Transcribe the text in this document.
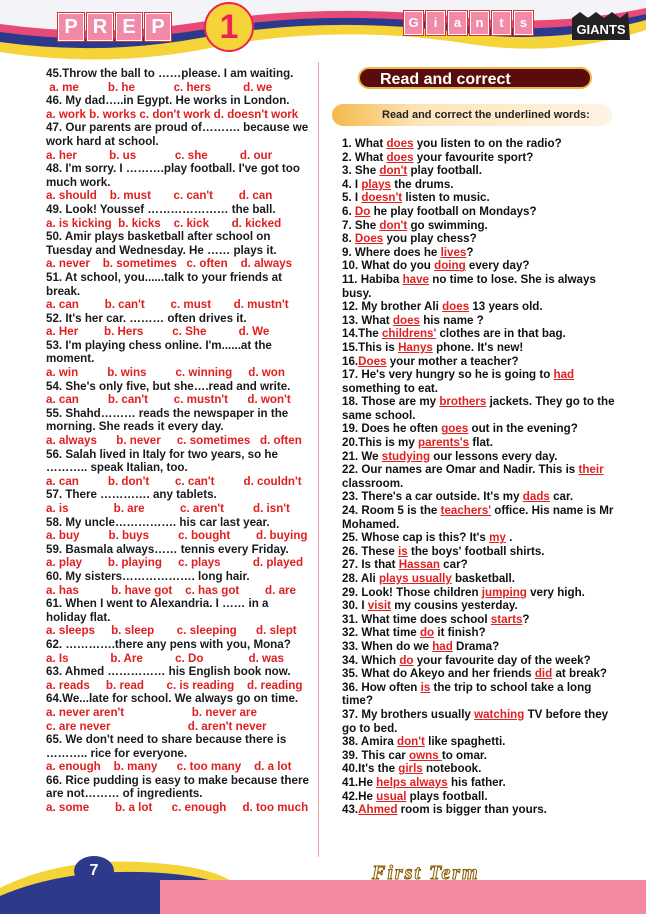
P R E P	1	G	i	a	n	t	s	GIANTS
45.Throw the ball to ……please. I am waiting.
a. me         b. he            c. hers          d. we
46. My dad…..in Egypt. He works in London.
a. work b. works c. don't work d. doesn't work
47. Our parents are proud of………. because we work hard at school.
a. her          b. us            c. she          d. our
48. I'm sorry. I ……….play football. I've got too much work.
a. should    b. must       c. can't        d. can
49. Look! Youssef ………………… the ball.
a. is kicking  b. kicks    c. kick       d. kicked
50. Amir plays basketball after school on Tuesday and Wednesday. He …… plays it.
a. never    b. sometimes   c. often    d. always
51. At school, you......talk to your friends at break.
a. can        b. can't        c. must       d. mustn't
52. It's her car. ……… often drives it.
a. Her        b. Hers         c. She          d. We
53. I'm playing chess online. I'm......at the moment.
a. win         b. wins         c. winning     d. won
54. She's only five, but she….read and write.
a. can         b. can't        c. mustn't      d. won't
55. Shahd……… reads the newspaper in the morning. She reads it every day.
a. always      b. never     c. sometimes   d. often
56. Salah lived in Italy for two years, so he ……….. speak Italian, too.
a. can         b. don't        c. can't         d. couldn't
57. There …………. any tablets.
a. is              b. are           c. aren't         d. isn't
58. My uncle……………. his car last year.
a. buy         b. buys         c. bought        d. buying
59. Basmala always…… tennis every Friday.
a. play        b. playing     c. plays          d. played
60. My sisters………………. long hair.
a. has          b. have got    c. has got        d. are
61. When I went to Alexandria. I …… in a holiday flat.
a. sleeps     b. sleep       c. sleeping      d. slept
62. ………….there any pens with you, Mona?
a. Is             b. Are          c. Do              d. was
63. Ahmed …………… his English book now.
a. reads     b. read       c. is reading    d. reading
64.We...late for school. We always go on time.
a. never aren't                     b. never are
c. are never                        d. aren't never
65. We don't need to share because there is ……….. rice for everyone.
a. enough    b. many      c. too many    d. a lot
66. Rice pudding is easy to make because there are not……… of ingredients.
a. some        b. a lot      c. enough     d. too much
Read and correct
Read and correct the underlined words:
1. What does you listen to on the radio?
2. What does your favourite sport?
3. She don't play football.
4. I plays the drums.
5. I doesn't listen to music.
6. Do he play football on Mondays?
7. She don't go swimming.
8. Does you play chess?
9. Where does he lives?
10. What do you doing every day?
11. Habiba have no time to lose. She is always busy.
12. My brother Ali does 13 years old.
13. What does his name ?
14.The childrens' clothes are in that bag.
15.This is Hanys phone. It's new!
16.Does your mother a teacher?
17. He's very hungry so he is going to had something to eat.
18. Those are my brothers jackets. They go to the same school.
19. Does he often goes out in the evening?
20.This is my parents's flat.
21. We studying our lessons every day.
22. Our names are Omar and Nadir. This is their classroom.
23. There's a car outside. It's my dads car.
24. Room 5 is the teachers' office. His name is Mr Mohamed.
25. Whose cap is this? It's my .
26. These is the boys' football shirts.
27. Is that Hassan car?
28. Ali plays usually basketball.
29. Look! Those children jumping very high.
30. I visit my cousins yesterday.
31. What time does school starts?
32. What time do it finish?
33. When do we had Drama?
34. Which do your favourite day of the week?
35. What do Akeyo and her friends did at break?
36. How often is the trip to school take a long time?
37. My brothers usually watching TV before they go to bed.
38. Amira don't like spaghetti.
39. This car owns to omar.
40.It's the girls notebook.
41.He helps always his father.
42.He usual plays football.
43.Ahmed room is bigger than yours.
7	First Term
